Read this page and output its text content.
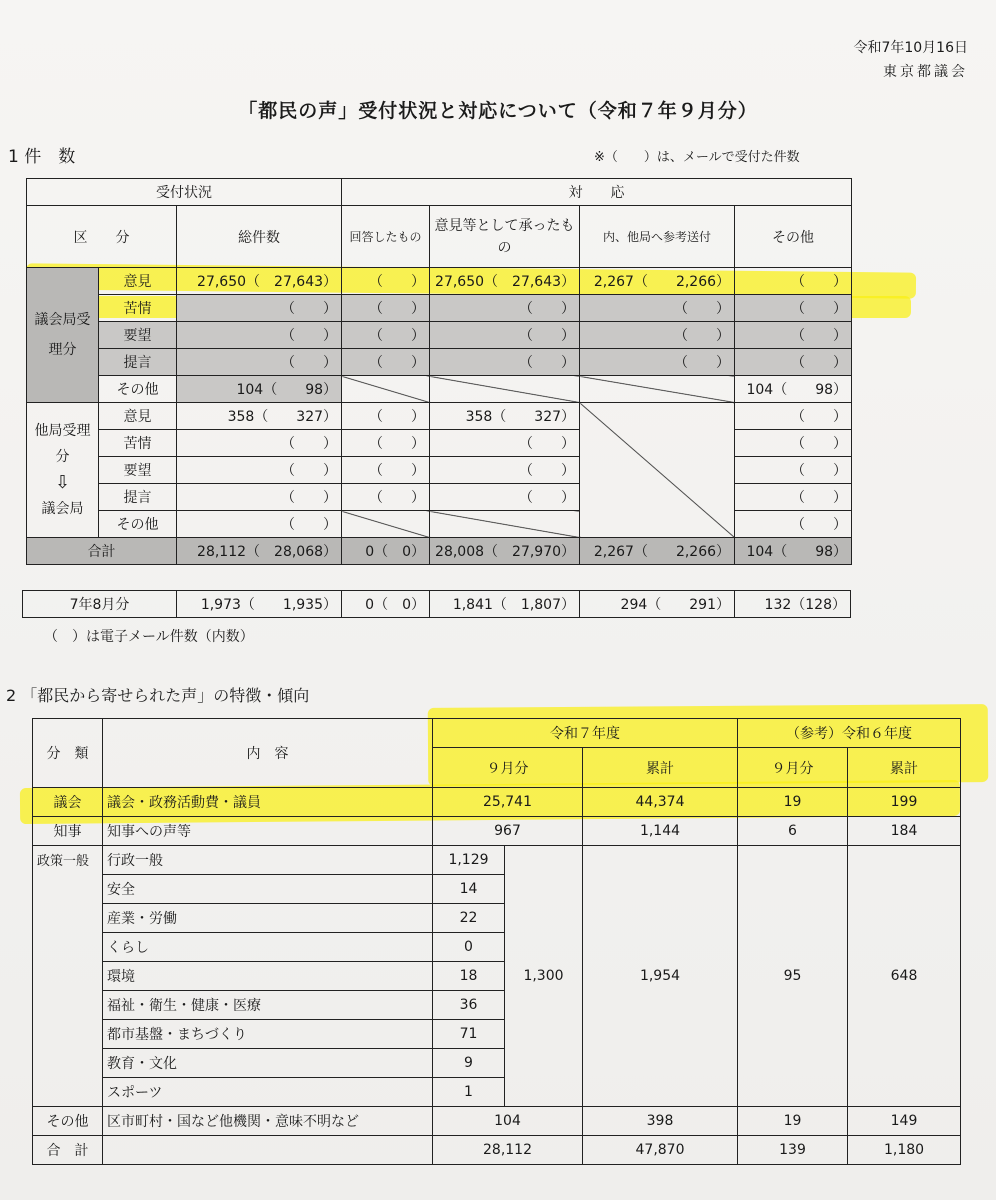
令和7年10月16日
東京都議会
「都民の声」受付状況と対応について（令和７年９月分）
1 件　数	※（　　）は、メールで受付た件数
受付状況			対　　応			
区　　分		総件数	回答したもの	意見等として承ったもの	内、他局へ参考送付	その他
議会局受理分	意見	27,650（　27,643）	（　　）	27,650（　27,643）	2,267（　　2,266）	（　　）
	苦情	（　　）	（　　）	（　　）	（　　）	（　　）
	要望	（　　）	（　　）	（　　）	（　　）	（　　）
	提言	（　　）	（　　）	（　　）	（　　）	（　　）
	その他	104（　　98）				104（　　98）

他局受理分
⇩
議会局	意見	358（　　327）	（　　）	358（　　327）		（　　）
	苦情	（　　）	（　　）	（　　）		（　　）
	要望	（　　）	（　　）	（　　）		（　　）
	提言	（　　）	（　　）	（　　）		（　　）
	その他	（　　）				（　　）
合計		28,112（　28,068）	0（　0）	28,008（　27,970）	2,267（　　2,266）	104（　　98）
7年8月分	1,973（　　1,935）	0（　0）	1,841（　1,807）	294（　　291）	132（128）
（　）は電子メール件数（内数）
2 「都民から寄せられた声」の特徴・傾向
分　類	内　容	令和７年度			（参考）令和６年度	
		９月分		累計	９月分	累計
議会	議会・政務活動費・議員	25,741		44,374	19	199
知事	知事への声等	967		1,144	6	184
政策一般	行政一般	1,129	1,300	1,954	95	648
	安全	14				
	産業・労働	22				
	くらし	0				
	環境	18				
	福祉・衛生・健康・医療	36				
	都市基盤・まちづくり	71				
	教育・文化	9				
	スポーツ	1				
その他	区市町村・国など他機関・意味不明など	104		398	19	149
合　計		28,112		47,870	139	1,180
